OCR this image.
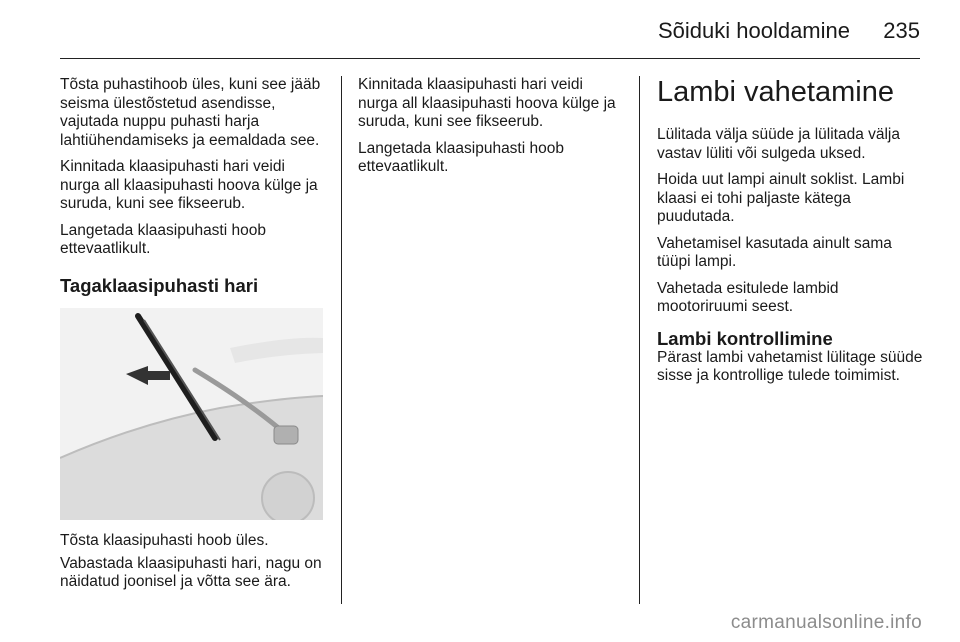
Sõiduki hooldamine 235

Tõsta puhastihoob üles, kuni see jääb seisma ülestõstetud asendisse, vajutada nuppu puhasti harja lahtiühendamiseks ja eemaldada see.

Kinnitada klaasipuhasti hari veidi nurga all klaasipuhasti hoova külge ja suruda, kuni see fikseerub.

Langetada klaasipuhasti hoob ettevaatlikult.

Tagaklaasipuhasti hari

Tõsta klaasipuhasti hoob üles.

Vabastada klaasipuhasti hari, nagu on näidatud joonisel ja võtta see ära.

Kinnitada klaasipuhasti hari veidi nurga all klaasipuhasti hoova külge ja suruda, kuni see fikseerub.

Langetada klaasipuhasti hoob ettevaatlikult.

Lambi vahetamine

Lülitada välja süüde ja lülitada välja vastav lüliti või sulgeda uksed.

Hoida uut lampi ainult soklist. Lambi klaasi ei tohi paljaste kätega puudutada.

Vahetamisel kasutada ainult sama tüüpi lampi.

Vahetada esitulede lambid mootoriruumi seest.

Lambi kontrollimine

Pärast lambi vahetamist lülitage süüde sisse ja kontrollige tulede toimimist.

carmanualsonline.info
